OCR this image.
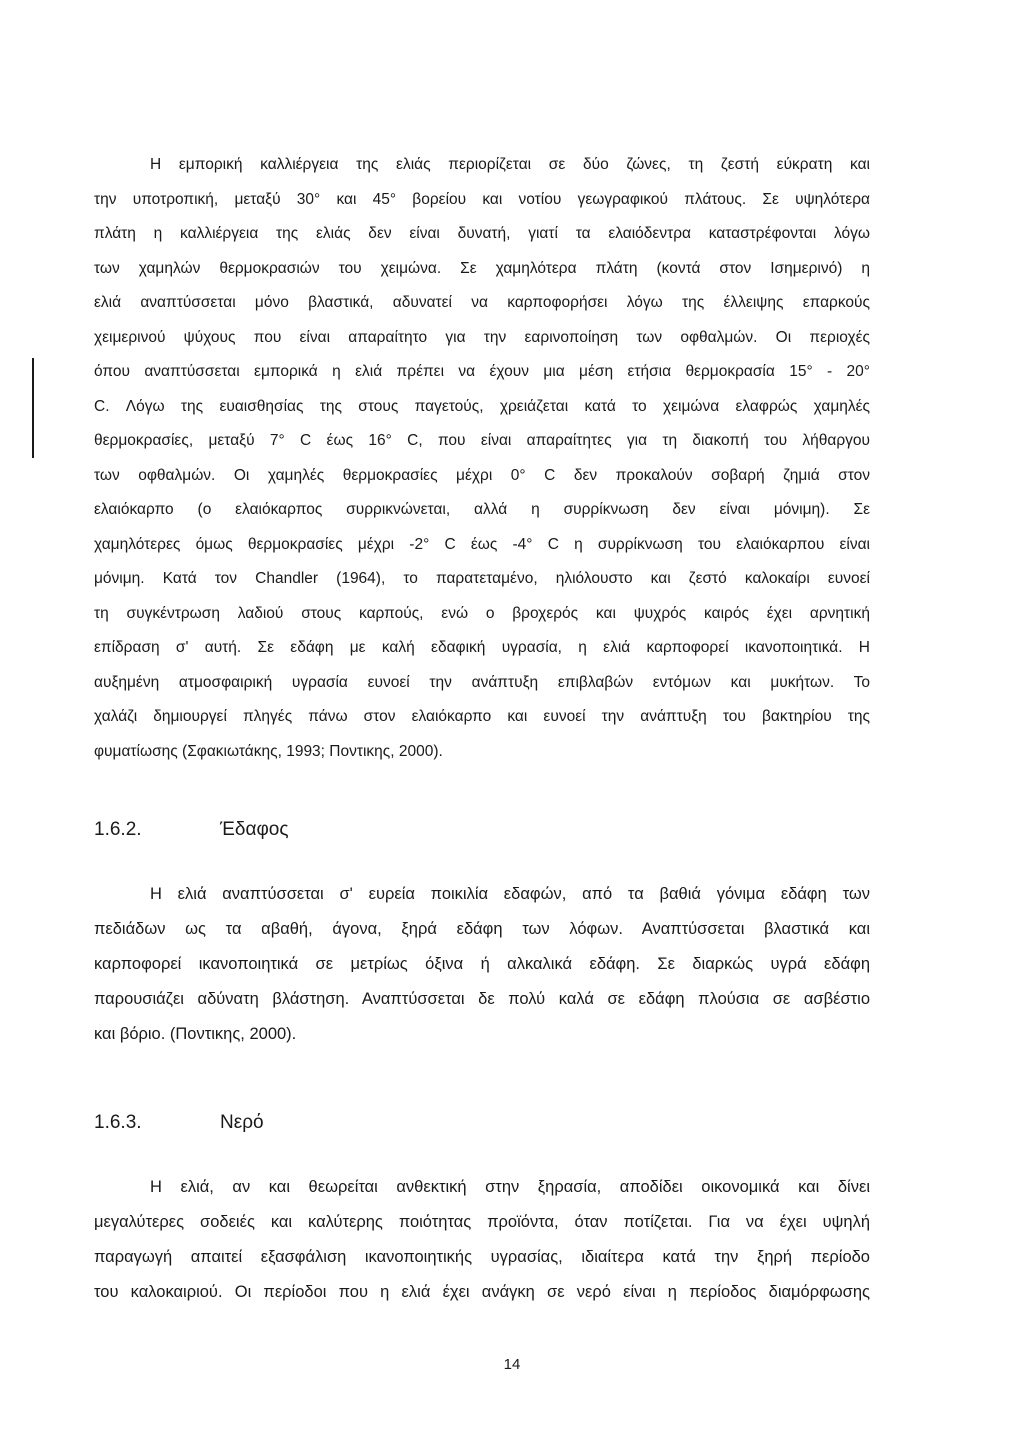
Η εμπορική καλλιέργεια της ελιάς περιορίζεται σε δύο ζώνες, τη ζεστή εύκρατη και
την υποτροπική, μεταξύ 30° και 45° βορείου και νοτίου γεωγραφικού πλάτους. Σε υψηλότερα
πλάτη η καλλιέργεια της ελιάς δεν είναι δυνατή, γιατί τα ελαιόδεντρα καταστρέφονται λόγω
των χαμηλών θερμοκρασιών του χειμώνα. Σε χαμηλότερα πλάτη (κοντά στον Ισημερινό) η
ελιά αναπτύσσεται μόνο βλαστικά, αδυνατεί να καρποφορήσει λόγω της έλλειψης επαρκούς
χειμερινού ψύχους που είναι απαραίτητο για την εαρινοποίηση των οφθαλμών. Οι περιοχές
όπου αναπτύσσεται εμπορικά η ελιά πρέπει να έχουν μια μέση ετήσια θερμοκρασία 15° - 20°
C. Λόγω της ευαισθησίας της στους παγετούς, χρειάζεται κατά το χειμώνα ελαφρώς χαμηλές
θερμοκρασίες, μεταξύ 7° C έως 16° C, που είναι απαραίτητες για τη διακοπή του λήθαργου
των οφθαλμών. Οι χαμηλές θερμοκρασίες μέχρι 0° C δεν προκαλούν σοβαρή ζημιά στον
ελαιόκαρπο (ο ελαιόκαρπος συρρικνώνεται, αλλά η συρρίκνωση δεν είναι μόνιμη). Σε
χαμηλότερες όμως θερμοκρασίες μέχρι -2° C έως -4° C η συρρίκνωση του ελαιόκαρπου είναι
μόνιμη. Κατά τον Chandler (1964), το παρατεταμένο, ηλιόλουστο και ζεστό καλοκαίρι ευνοεί
τη συγκέντρωση λαδιού στους καρπούς, ενώ ο βροχερός και ψυχρός καιρός έχει αρνητική
επίδραση σ' αυτή. Σε εδάφη με καλή εδαφική υγρασία, η ελιά καρποφορεί ικανοποιητικά. Η
αυξημένη ατμοσφαιρική υγρασία ευνοεί την ανάπτυξη επιβλαβών εντόμων και μυκήτων. Το
χαλάζι δημιουργεί πληγές πάνω στον ελαιόκαρπο και ευνοεί την ανάπτυξη του βακτηρίου της
φυματίωσης (Σφακιωτάκης, 1993; Ποντικης, 2000).

1.6.2.	Έδαφος

Η ελιά αναπτύσσεται σ' ευρεία ποικιλία εδαφών, από τα βαθιά γόνιμα εδάφη των
πεδιάδων ως τα αβαθή, άγονα, ξηρά εδάφη των λόφων. Αναπτύσσεται βλαστικά και
καρποφορεί ικανοποιητικά σε μετρίως όξινα ή αλκαλικά εδάφη. Σε διαρκώς υγρά εδάφη
παρουσιάζει αδύνατη βλάστηση. Αναπτύσσεται δε πολύ καλά σε εδάφη πλούσια σε ασβέστιο
και βόριο. (Ποντικης, 2000).

1.6.3.	Νερό

Η ελιά, αν και θεωρείται ανθεκτική στην ξηρασία, αποδίδει οικονομικά και δίνει
μεγαλύτερες σοδειές και καλύτερης ποιότητας προϊόντα, όταν ποτίζεται. Για να έχει υψηλή
παραγωγή απαιτεί εξασφάλιση ικανοποιητικής υγρασίας, ιδιαίτερα κατά την ξηρή περίοδο
του καλοκαιριού. Οι περίοδοι που η ελιά έχει ανάγκη σε νερό είναι η περίοδος διαμόρφωσης

14
